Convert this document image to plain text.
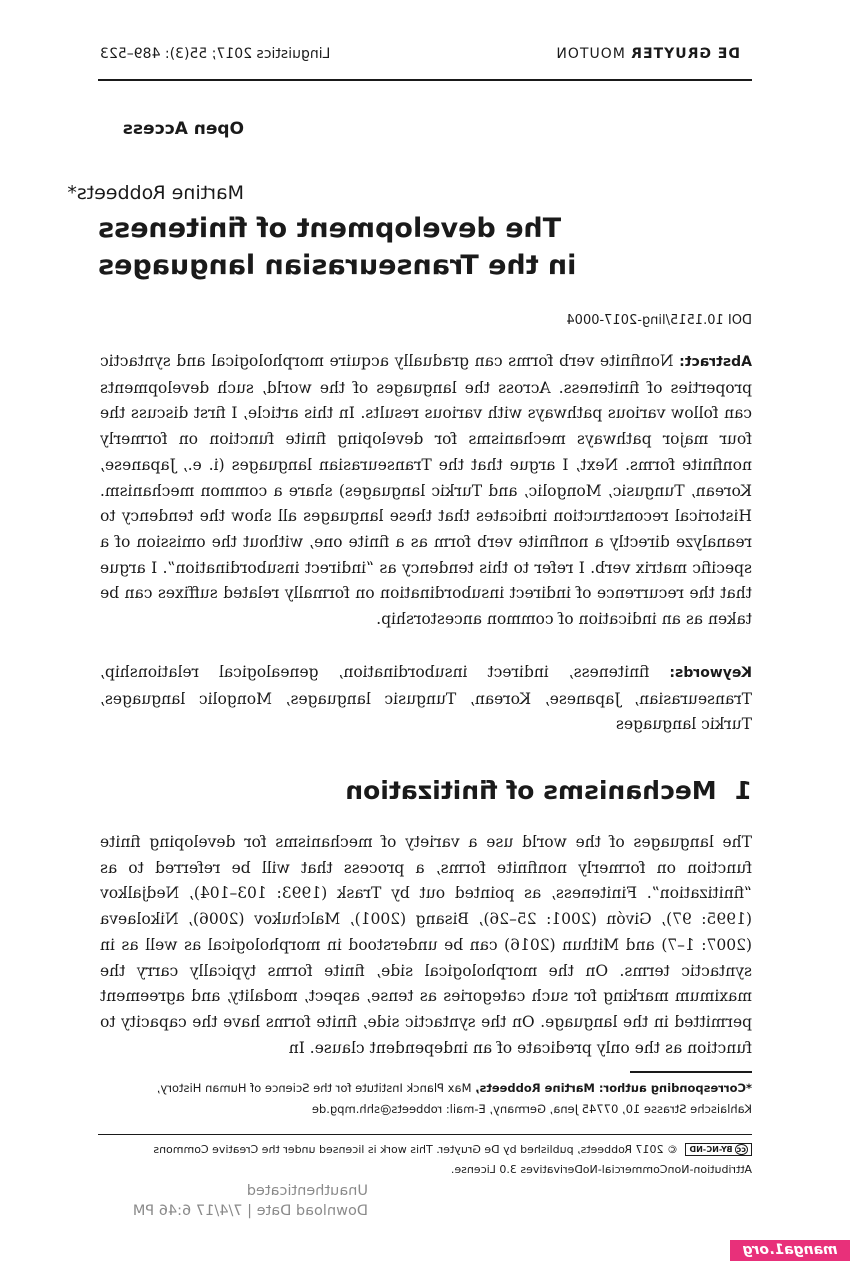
DE GRUYTER MOUTON
Linguistics 2017; 55(3): 489–523
Open Access
Martine Robbeets*
The development of finiteness
in the Transeurasian languages
DOI 10.1515/ling-2017-0004
Abstract: Nonfinite verb forms can gradually acquire morphological and syntactic properties of finiteness. Across the languages of the world, such developments can follow various pathways with various results. In this article, I first discuss the four major pathways mechanisms for developing finite function on formerly nonfinite forms. Next, I argue that the Transeurasian languages (i. e., Japanese, Korean, Tungusic, Mongolic, and Turkic languages) share a common mechanism. Historical reconstruction indicates that these languages all show the tendency to reanalyze directly a nonfinite verb form as a finite one, without the omission of a specific matrix verb. I refer to this tendency as “indirect insubordination”. I argue that the recurrence of indirect insubordination on formally related suffixes can be taken as an indication of common ancestorship.
Keywords: finiteness, indirect insubordination, genealogical relationship, Transeurasian, Japanese, Korean, Tungusic languages, Mongolic languages, Turkic languages
1Mechanisms of finitization
The languages of the world use a variety of mechanisms for developing finite function on formerly nonfinite forms, a process that will be referred to as “finitization”. Finiteness, as pointed out by Trask (1993: 103–104), Nedjalkov (1995: 97), Givón (2001: 25–26), Bisang (2001), Malchukov (2006), Nikolaeva (2007: 1–7) and Mithun (2016) can be understood in morphological as well as in syntactic terms. On the morphological side, finite forms typically carry the maximum marking for such categories as tense, aspect, modality, and agreement permitted in the language. On the syntactic side, finite forms have the capacity to function as the only predicate of an independent clause. In
*Corresponding author: Martine Robbeets, Max Planck Institute for the Science of Human History, Kahlaische Strasse 10, 07745 Jena, Germany, E-mail: robbeets@shh.mpg.de
ccBY-NC-ND © 2017 Robbeets, published by De Gruyter. This work is licensed under the Creative Commons Attribution-NonCommercial-NoDerivatives 3.0 License.
Unauthenticated
Download Date | 7/4/17 6:46 PM
manga1.org
